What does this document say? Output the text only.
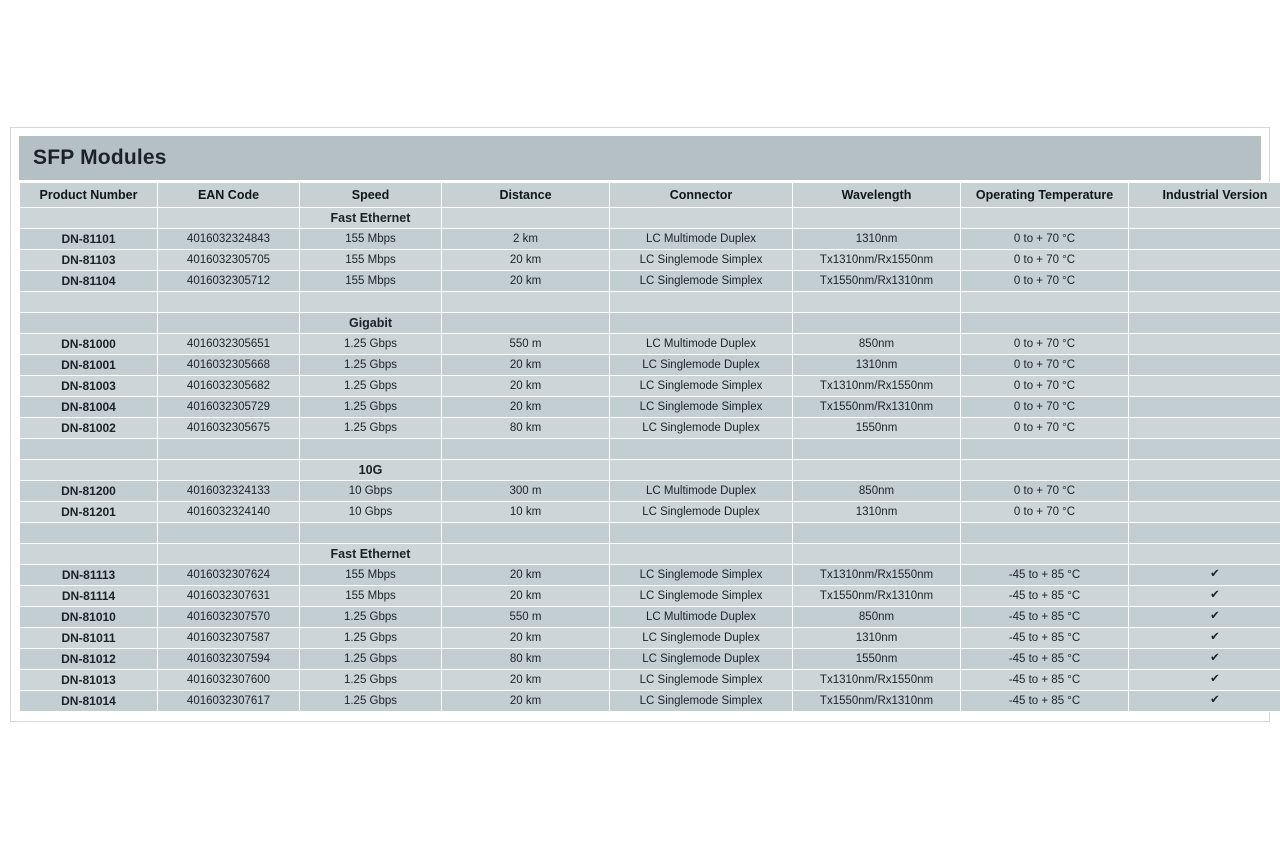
SFP Modules
Product Number	EAN Code	Speed	Distance	Connector	Wavelength	Operating Temperature	Industrial Version
		Fast Ethernet					
DN-81101	4016032324843	155 Mbps	2 km	LC Multimode Duplex	1310nm	0 to + 70 °C	
DN-81103	4016032305705	155 Mbps	20 km	LC Singlemode Simplex	Tx1310nm/Rx1550nm	0 to + 70 °C	
DN-81104	4016032305712	155 Mbps	20 km	LC Singlemode Simplex	Tx1550nm/Rx1310nm	0 to + 70 °C	

		Gigabit					
DN-81000	4016032305651	1.25 Gbps	550 m	LC Multimode Duplex	850nm	0 to + 70 °C	
DN-81001	4016032305668	1.25 Gbps	20 km	LC Singlemode Duplex	1310nm	0 to + 70 °C	
DN-81003	4016032305682	1.25 Gbps	20 km	LC Singlemode Simplex	Tx1310nm/Rx1550nm	0 to + 70 °C	
DN-81004	4016032305729	1.25 Gbps	20 km	LC Singlemode Simplex	Tx1550nm/Rx1310nm	0 to + 70 °C	
DN-81002	4016032305675	1.25 Gbps	80 km	LC Singlemode Duplex	1550nm	0 to + 70 °C	

		10G					
DN-81200	4016032324133	10 Gbps	300 m	LC Multimode Duplex	850nm	0 to + 70 °C	
DN-81201	4016032324140	10 Gbps	10 km	LC Singlemode Duplex	1310nm	0 to + 70 °C	

		Fast Ethernet					
DN-81113	4016032307624	155 Mbps	20 km	LC Singlemode Simplex	Tx1310nm/Rx1550nm	-45 to + 85 °C	✔
DN-81114	4016032307631	155 Mbps	20 km	LC Singlemode Simplex	Tx1550nm/Rx1310nm	-45 to + 85 °C	✔
DN-81010	4016032307570	1.25 Gbps	550 m	LC Multimode Duplex	850nm	-45 to + 85 °C	✔
DN-81011	4016032307587	1.25 Gbps	20 km	LC Singlemode Duplex	1310nm	-45 to + 85 °C	✔
DN-81012	4016032307594	1.25 Gbps	80 km	LC Singlemode Duplex	1550nm	-45 to + 85 °C	✔
DN-81013	4016032307600	1.25 Gbps	20 km	LC Singlemode Simplex	Tx1310nm/Rx1550nm	-45 to + 85 °C	✔
DN-81014	4016032307617	1.25 Gbps	20 km	LC Singlemode Simplex	Tx1550nm/Rx1310nm	-45 to + 85 °C	✔
